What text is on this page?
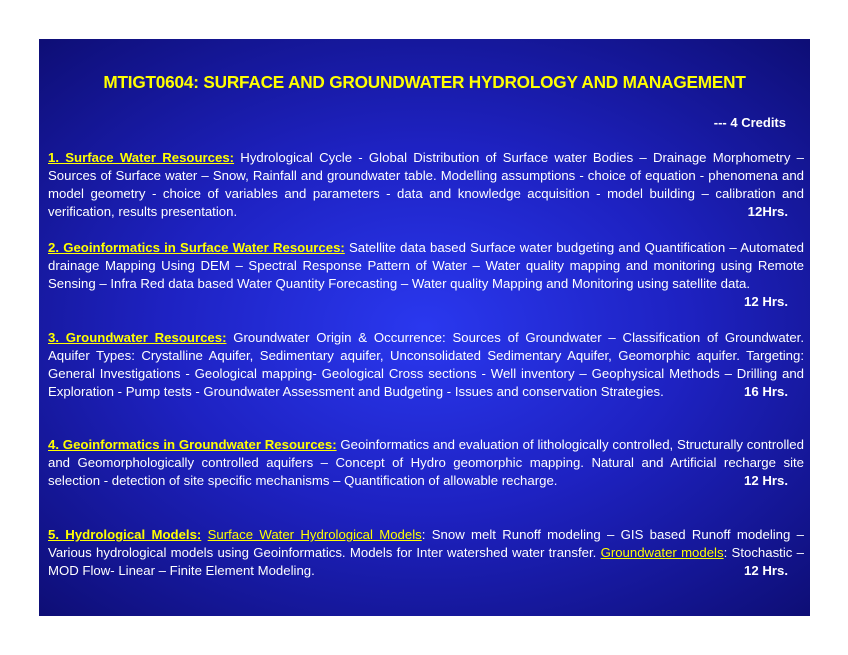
MTIGT0604: SURFACE AND GROUNDWATER HYDROLOGY AND MANAGEMENT
--- 4 Credits
1. Surface Water Resources: Hydrological Cycle - Global Distribution of Surface water Bodies – Drainage Morphometry – Sources of Surface water – Snow, Rainfall and groundwater table. Modelling assumptions - choice of equation - phenomena and model geometry - choice of variables and parameters - data and knowledge acquisition - model building – calibration and verification, results presentation.	12Hrs.
2. Geoinformatics in Surface Water Resources: Satellite data based Surface water budgeting and Quantification – Automated drainage Mapping Using DEM – Spectral Response Pattern of Water – Water quality mapping and monitoring using Remote Sensing – Infra Red data based Water Quantity Forecasting – Water quality Mapping and Monitoring using satellite data.
12 Hrs.
3. Groundwater Resources: Groundwater Origin & Occurrence: Sources of Groundwater – Classification of Groundwater. Aquifer Types: Crystalline Aquifer, Sedimentary aquifer, Unconsolidated Sedimentary Aquifer, Geomorphic aquifer. Targeting: General Investigations - Geological mapping- Geological Cross sections - Well inventory – Geophysical Methods – Drilling and Exploration - Pump tests - Groundwater Assessment and Budgeting - Issues and conservation Strategies.	16 Hrs.
4. Geoinformatics in Groundwater Resources: Geoinformatics and evaluation of lithologically controlled, Structurally controlled and Geomorphologically controlled aquifers – Concept of Hydro geomorphic mapping. Natural and Artificial recharge site selection - detection of site specific mechanisms – Quantification of allowable recharge.	12 Hrs.
5. Hydrological Models: Surface Water Hydrological Models: Snow melt Runoff modeling – GIS based Runoff modeling – Various hydrological models using Geoinformatics. Models for Inter watershed water transfer. Groundwater models: Stochastic – MOD Flow- Linear – Finite Element Modeling.	12 Hrs.
